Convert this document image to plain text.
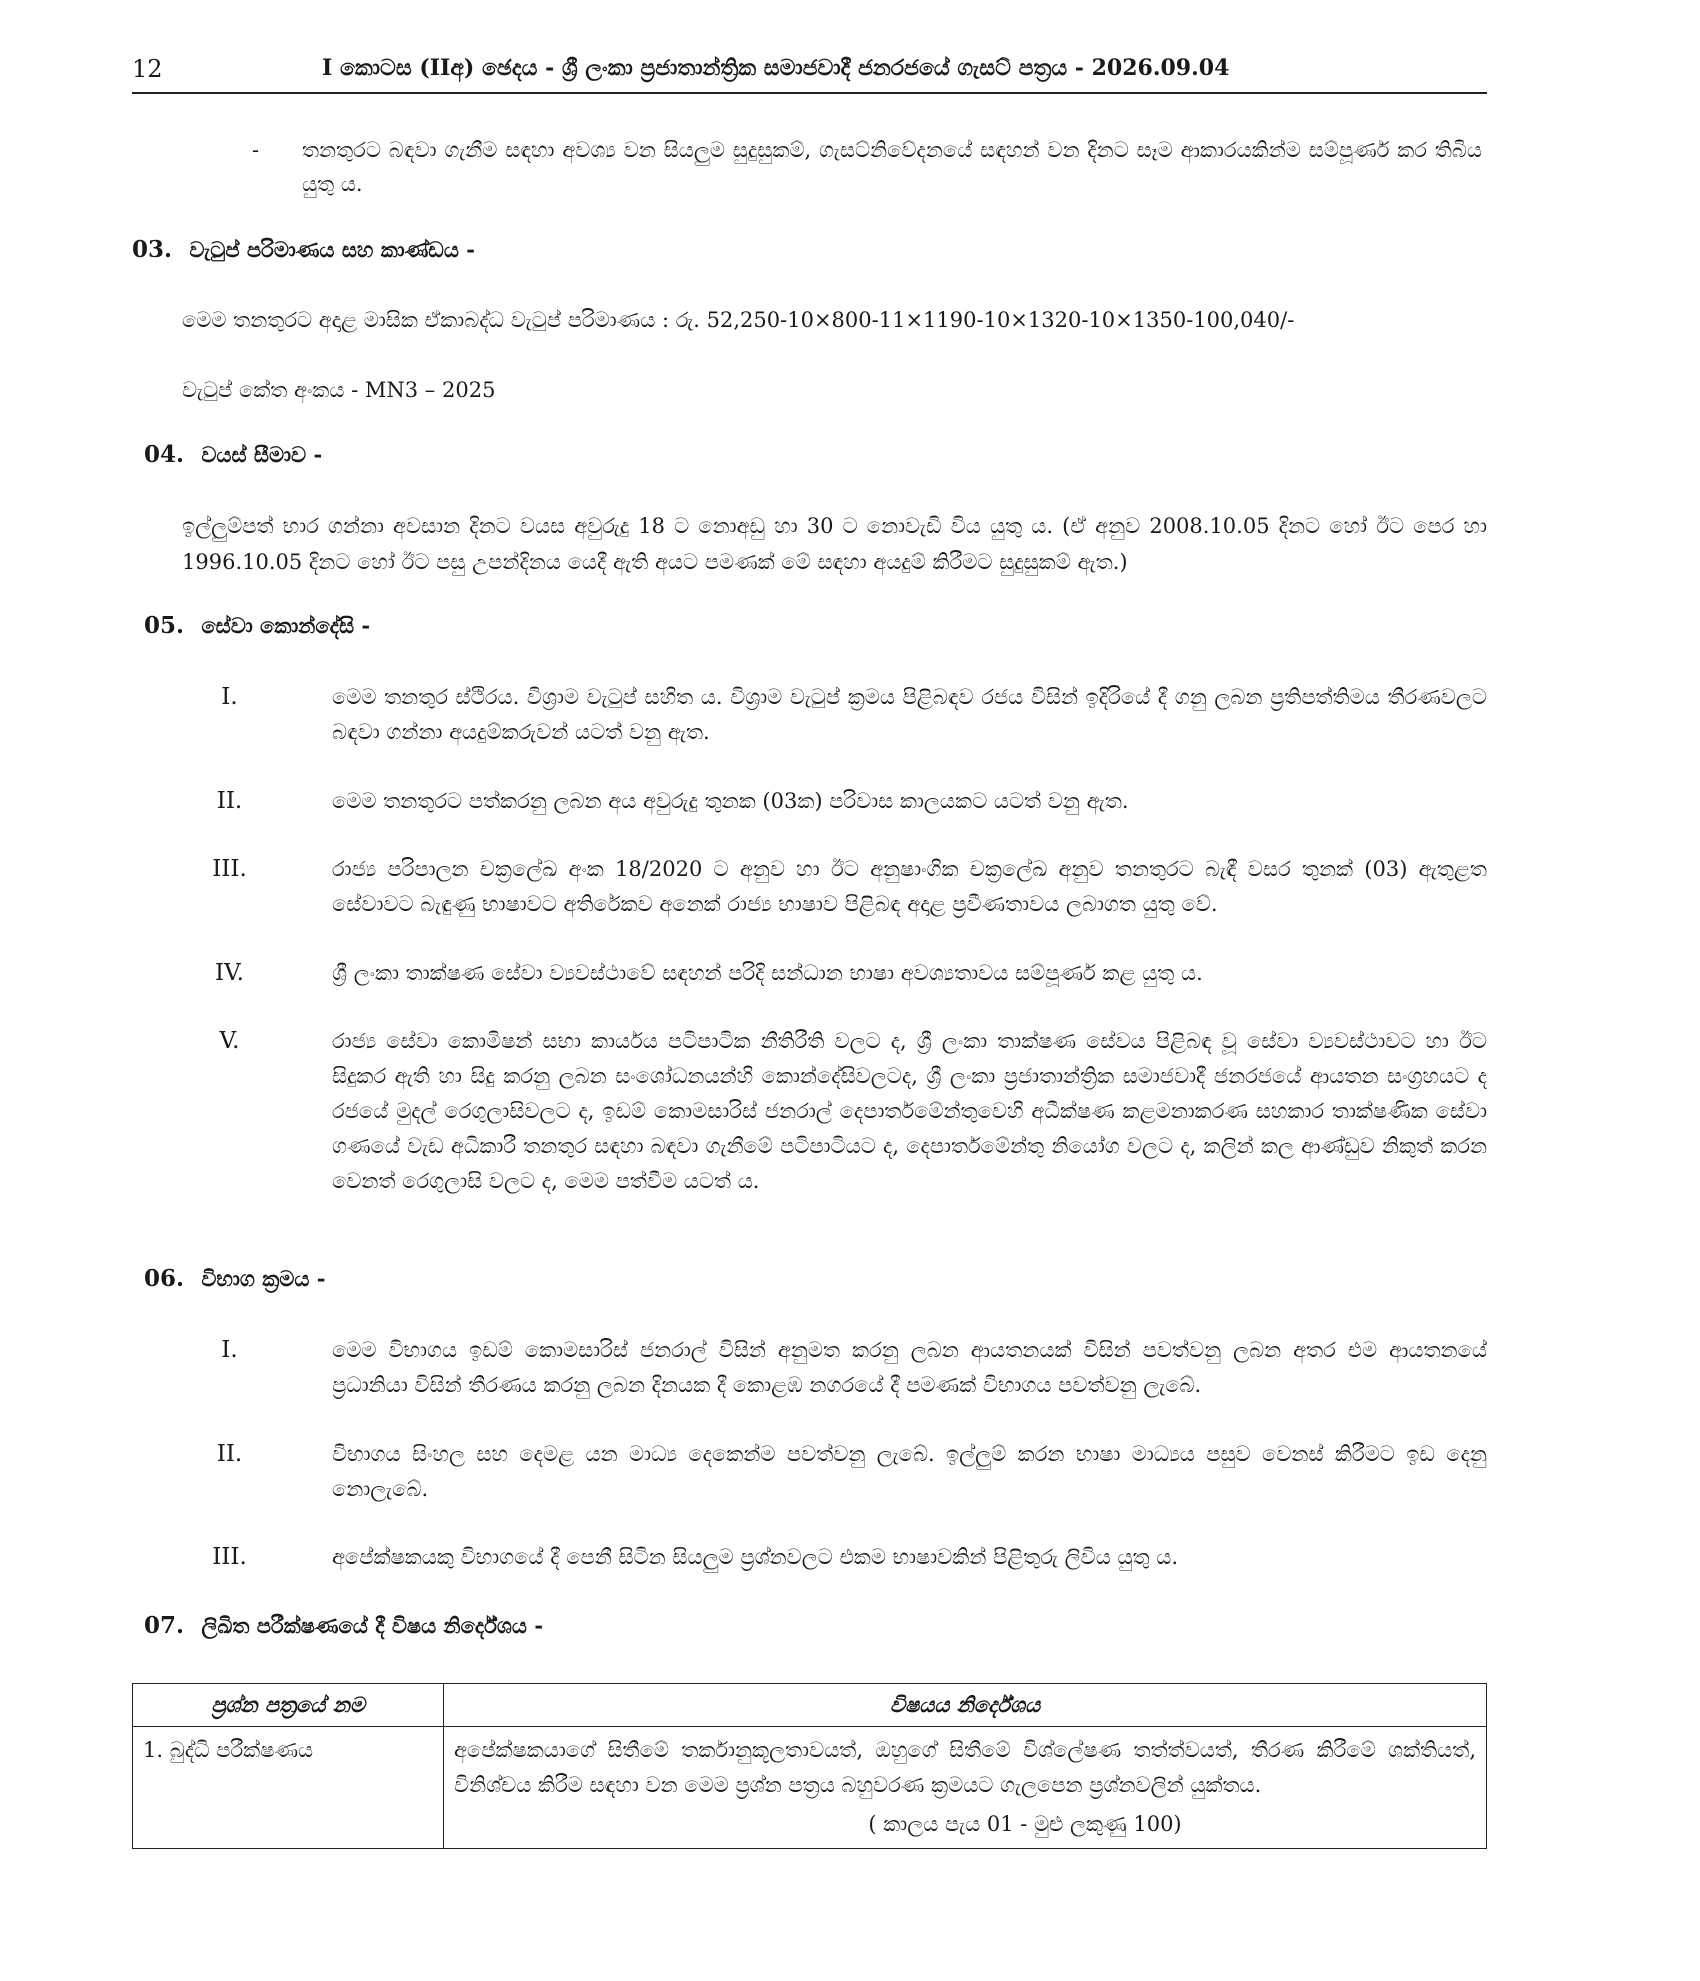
12	I කොටස (IIඅ) ඡෙදය - ශ්‍රී ලංකා ප්‍රජාතාන්ත්‍රික සමාජවාදී ජනරජයේ ගැසට් පත්‍රය - 2026.09.04
- තනතුරට බඳවා ගැනීම සඳහා අවශ්‍ය වන සියලුම සුදුසුකම්, ගැසට්නිවේදනයේ සඳහන් වන දිනට සෑම ආකාරයකින්ම සම්පූර්ණ කර තිබිය යුතු ය.
03. වැටුප් පරිමාණය සහ කාණ්ඩය -
මෙම තනතුරට අදාළ මාසික ඒකාබද්ධ වැටුප් පරිමාණය : රු. 52,250-10×800-11×1190-10×1320-10×1350-100,040/-
වැටුප් කේත අංකය - MN3 – 2025
04. වයස් සීමාව -
ඉල්ලුම්පත් භාර ගන්නා අවසාන දිනට වයස අවුරුදු 18 ට නොඅඩු හා 30 ට නොවැඩි විය යුතු ය. (ඒ අනුව 2008.10.05 දිනට හෝ ඊට පෙර හා 1996.10.05 දිනට හෝ ඊට පසු උපන්දිනය යෙදී ඇති අයට පමණක් මේ සඳහා අයදුම් කිරීමට සුදුසුකම් ඇත.)
05. සේවා කොන්දේසි -
I.	මෙම තනතුර ස්ථිරය. විශ්‍රාම වැටුප් සහිත ය. විශ්‍රාම වැටුප් ක්‍රමය පිළිබඳව රජය විසින් ඉදිරියේ දී ගනු ලබන ප්‍රතිපත්තිමය තීරණවලට බඳවා ගන්නා අයදුම්කරුවන් යටත් වනු ඇත.
II.	මෙම තනතුරට පත්කරනු ලබන අය අවුරුදු තුනක (03ක) පරිවාස කාලයකට යටත් වනු ඇත.
III.	රාජ්‍ය පරිපාලන චක්‍රලේඛ අංක 18/2020 ට අනුව හා ඊට අනුෂාංගික චක්‍රලේඛ අනුව තනතුරට බැඳී වසර තුනක් (03) ඇතුළත සේවාවට බැඳුණු භාෂාවට අතිරේකව අනෙක් රාජ්‍ය භාෂාව පිළිබඳ අදාළ ප්‍රවීණතාවය ලබාගත යුතු වේ.
IV.	ශ්‍රී ලංකා තාක්ෂණ සේවා ව්‍යවස්ථාවේ සඳහන් පරිදි සන්ධාන භාෂා අවශ්‍යතාවය සම්පූර්ණ කළ යුතු ය.
V.	රාජ්‍ය සේවා කොමිෂන් සභා කාර්යය පටිපාටික නීතිරීති වලට ද, ශ්‍රී ලංකා තාක්ෂණ සේවය පිළිබඳ වූ සේවා ව්‍යවස්ථාවට හා ඊට සිදුකර ඇති හා සිදු කරනු ලබන සංශෝධනයන්හි කොන්දේසිවලටද, ශ්‍රී ලංකා ප්‍රජාතාන්ත්‍රික සමාජවාදී ජනරජයේ ආයතන සංග්‍රහයට ද රජයේ මුදල් රෙගුලාසිවලට ද, ඉඩම් කොමසාරිස් ජනරාල් දෙපාර්තමේන්තුවෙහි අධීක්ෂණ කළමනාකරණ සහකාර තාක්ෂණික සේවා ගණයේ වැඩ අධිකාරී තනතුර සඳහා බඳවා ගැනීමේ පටිපාටියට ද, දෙපාර්තමේන්තු නියෝග වලට ද, කලින් කල ආණ්ඩුව නිකුත් කරන වෙනත් රෙගුලාසි වලට ද, මෙම පත්වීම යටත් ය.
06. විභාග ක්‍රමය -
I.	මෙම විභාගය ඉඩම් කොමසාරිස් ජනරාල් විසින් අනුමත කරනු ලබන ආයතනයක් විසින් පවත්වනු ලබන අතර එම ආයතනයේ ප්‍රධානියා විසින් තීරණය කරනු ලබන දිනයක දී කොළඹ නගරයේ දී පමණක් විභාගය පවත්වනු ලැබේ.
II.	විභාගය සිංහල සහ දෙමළ යන මාධ්‍ය දෙකෙන්ම පවත්වනු ලැබේ. ඉල්ලුම් කරන භාෂා මාධ්‍යය පසුව වෙනස් කිරීමට ඉඩ දෙනු නොලැබේ.
III.	අපේක්ෂකයකු විභාගයේ දී පෙනී සිටින සියලුම ප්‍රශ්නවලට එකම භාෂාවකින් පිළිතුරු ලිවිය යුතු ය.
07. ලිඛිත පරීක්ෂණයේ දී විෂය නිර්දේශය -
ප්‍රශ්න පත්‍රයේ නම	විෂයය නිර්දේශය
1. බුද්ධි පරීක්ෂණය	අපේක්ෂකයාගේ සිතීමේ තර්කානුකූලතාවයත්, ඔහුගේ සිතීමේ විශ්ලේෂණ තත්ත්වයත්, තීරණ කිරීමේ ශක්තියත්, විනිශ්චය කිරීම සඳහා වන මෙම ප්‍රශ්න පත්‍රය බහුවරණ ක්‍රමයට ගැලපෙන ප්‍රශ්නවලින් යුක්තය.
( කාලය පැය 01 - මුළු ලකුණු 100)
